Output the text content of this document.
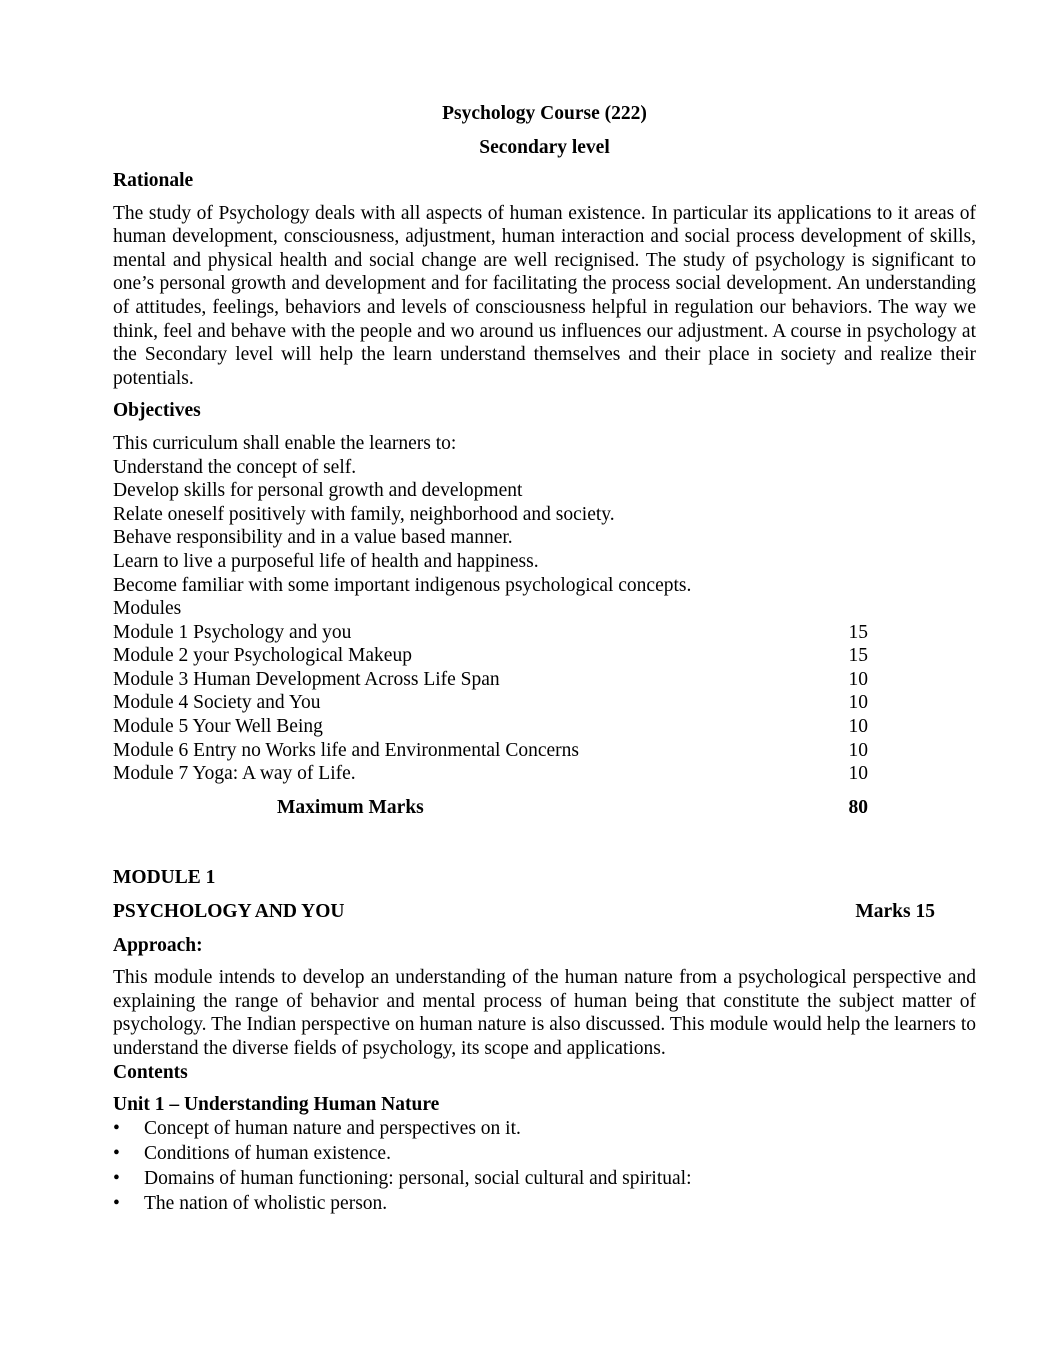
Psychology Course (222)

Secondary level

Rationale

The study of Psychology deals with all aspects of human existence. In particular its applications to it areas of human development, consciousness, adjustment, human interaction and social process development of skills, mental and physical health and social change are well recignised. The study of psychology is significant to one’s personal growth and development and for facilitating the process social development. An understanding of attitudes, feelings, behaviors and levels of consciousness helpful in regulation our behaviors. The way we think, feel and behave with the people and wo around us influences our adjustment. A course in psychology at the Secondary level will help the learn understand themselves and their place in society and realize their potentials.

Objectives

This curriculum shall enable the learners to:

Understand the concept of self.

Develop skills for personal growth and development

Relate oneself positively with family, neighborhood and society.

Behave responsibility and in a value based manner.

Learn to live a purposeful life of health and happiness.

Become familiar with some important indigenous psychological concepts.

Modules

Module 1 Psychology and you	15
Module 2 your Psychological Makeup	15
Module 3 Human Development Across Life Span	10
Module 4 Society and You	10
Module 5 Your Well Being	10
Module 6 Entry no Works life and Environmental Concerns	10
Module 7 Yoga: A way of Life.	10
Maximum Marks	80

MODULE 1

PSYCHOLOGY AND YOU	Marks 15

Approach:

This module intends to develop an understanding of the human nature from a psychological perspective and explaining the range of behavior and mental process of human being that constitute the subject matter of psychology. The Indian perspective on human nature is also discussed. This module would help the learners to understand the diverse fields of psychology, its scope and applications.

Contents

Unit 1 – Understanding Human Nature

• Concept of human nature and perspectives on it.
• Conditions of human existence.
• Domains of human functioning: personal, social cultural and spiritual:
• The nation of wholistic person.
